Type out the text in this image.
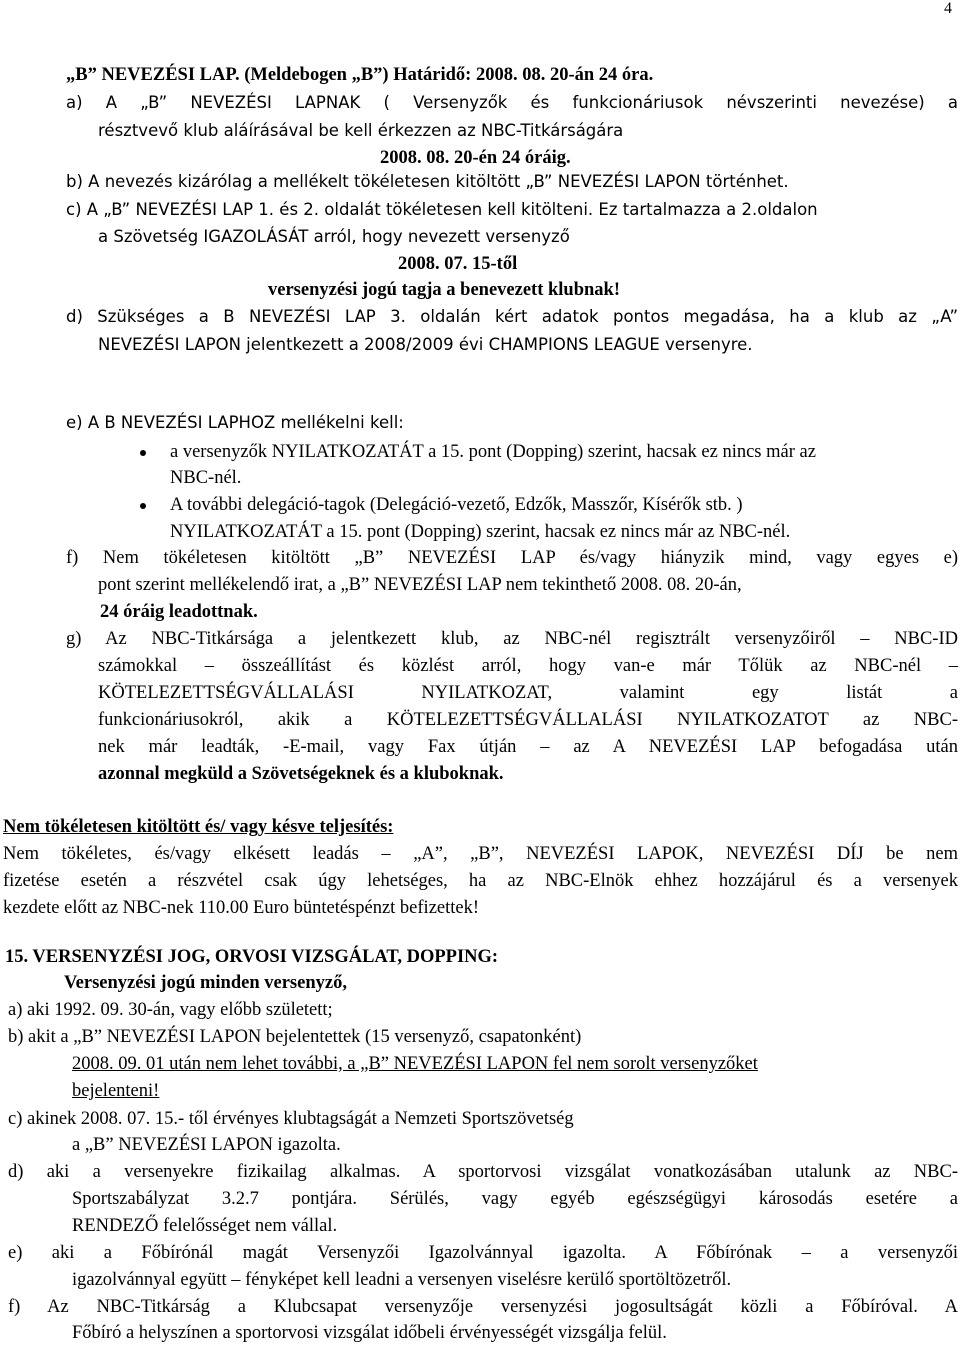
4
„B” NEVEZÉSI LAP. (Meldebogen „B”) Határidő: 2008. 08. 20-án 24 óra.
a) A „B” NEVEZÉSI LAPNAK ( Versenyzők és funkcionáriusok névszerinti nevezése) a
résztvevő klub aláírásával be kell érkezzen az NBC-Titkárságára
2008. 08. 20-én 24 óráig.
b) A nevezés kizárólag a mellékelt tökéletesen kitöltött „B” NEVEZÉSI LAPON történhet.
c) A „B” NEVEZÉSI LAP 1. és 2. oldalát tökéletesen kell kitölteni. Ez tartalmazza a 2.oldalon
a Szövetség IGAZOLÁSÁT arról, hogy nevezett versenyző
2008. 07. 15-től
versenyzési jogú tagja a benevezett klubnak!
d) Szükséges a B NEVEZÉSI LAP 3. oldalán kért adatok pontos megadása, ha a klub az „A”
NEVEZÉSI LAPON jelentkezett a 2008/2009 évi CHAMPIONS LEAGUE versenyre.
e) A B NEVEZÉSI LAPHOZ mellékelni kell:
a versenyzők NYILATKOZATÁT a 15. pont (Dopping) szerint, hacsak ez nincs már az
NBC-nél.
A további delegáció-tagok (Delegáció-vezető, Edzők, Masszőr, Kísérők stb. )
NYILATKOZATÁT a 15. pont (Dopping) szerint, hacsak ez nincs már az NBC-nél.
f) Nem tökéletesen kitöltött „B” NEVEZÉSI LAP és/vagy hiányzik mind, vagy egyes e)
pont szerint mellékelendő irat, a „B” NEVEZÉSI LAP nem tekinthető 2008. 08. 20-án,
24 óráig leadottnak.
g) Az NBC-Titkársága a jelentkezett klub, az NBC-nél regisztrált versenyzőiről – NBC-ID
számokkal – összeállítást és közlést arról, hogy van-e már Tőlük az NBC-nél –
KÖTELEZETTSÉGVÁLLALÁSI NYILATKOZAT, valamint egy listát a
funkcionáriusokról, akik a KÖTELEZETTSÉGVÁLLALÁSI NYILATKOZATOT az NBC-
nek már leadták, -E-mail, vagy Fax útján – az A NEVEZÉSI LAP befogadása után
azonnal megküld a Szövetségeknek és a kluboknak.
Nem tökéletesen kitöltött és/ vagy késve teljesítés:
Nem tökéletes, és/vagy elkésett leadás – „A”, „B”, NEVEZÉSI LAPOK, NEVEZÉSI DÍJ be nem
fizetése esetén a részvétel csak úgy lehetséges, ha az NBC-Elnök ehhez hozzájárul és a versenyek
kezdete előtt az NBC-nek 110.00 Euro büntetéspénzt befizettek!
15. VERSENYZÉSI JOG, ORVOSI VIZSGÁLAT, DOPPING:
Versenyzési jogú minden versenyző,
a) aki 1992. 09. 30-án, vagy előbb született;
b) akit a „B” NEVEZÉSI LAPON bejelentettek (15 versenyző, csapatonként)
2008. 09. 01 után nem lehet további, a „B” NEVEZÉSI LAPON fel nem sorolt versenyzőket
bejelenteni!
c) akinek 2008. 07. 15.- től érvényes klubtagságát a Nemzeti Sportszövetség
a „B” NEVEZÉSI LAPON igazolta.
d) aki a versenyekre fizikailag alkalmas. A sportorvosi vizsgálat vonatkozásában utalunk az NBC-
Sportszabályzat 3.2.7 pontjára. Sérülés, vagy egyéb egészségügyi károsodás esetére a
RENDEZŐ felelősséget nem vállal.
e) aki a Főbírónál magát Versenyzői Igazolvánnyal igazolta. A Főbírónak – a versenyzői
igazolvánnyal együtt – fényképet kell leadni a versenyen viselésre kerülő sportöltözetről.
f) Az NBC-Titkárság a Klubcsapat versenyzője versenyzési jogosultságát közli a Főbíróval. A
Főbíró a helyszínen a sportorvosi vizsgálat időbeli érvényességét vizsgálja felül.
